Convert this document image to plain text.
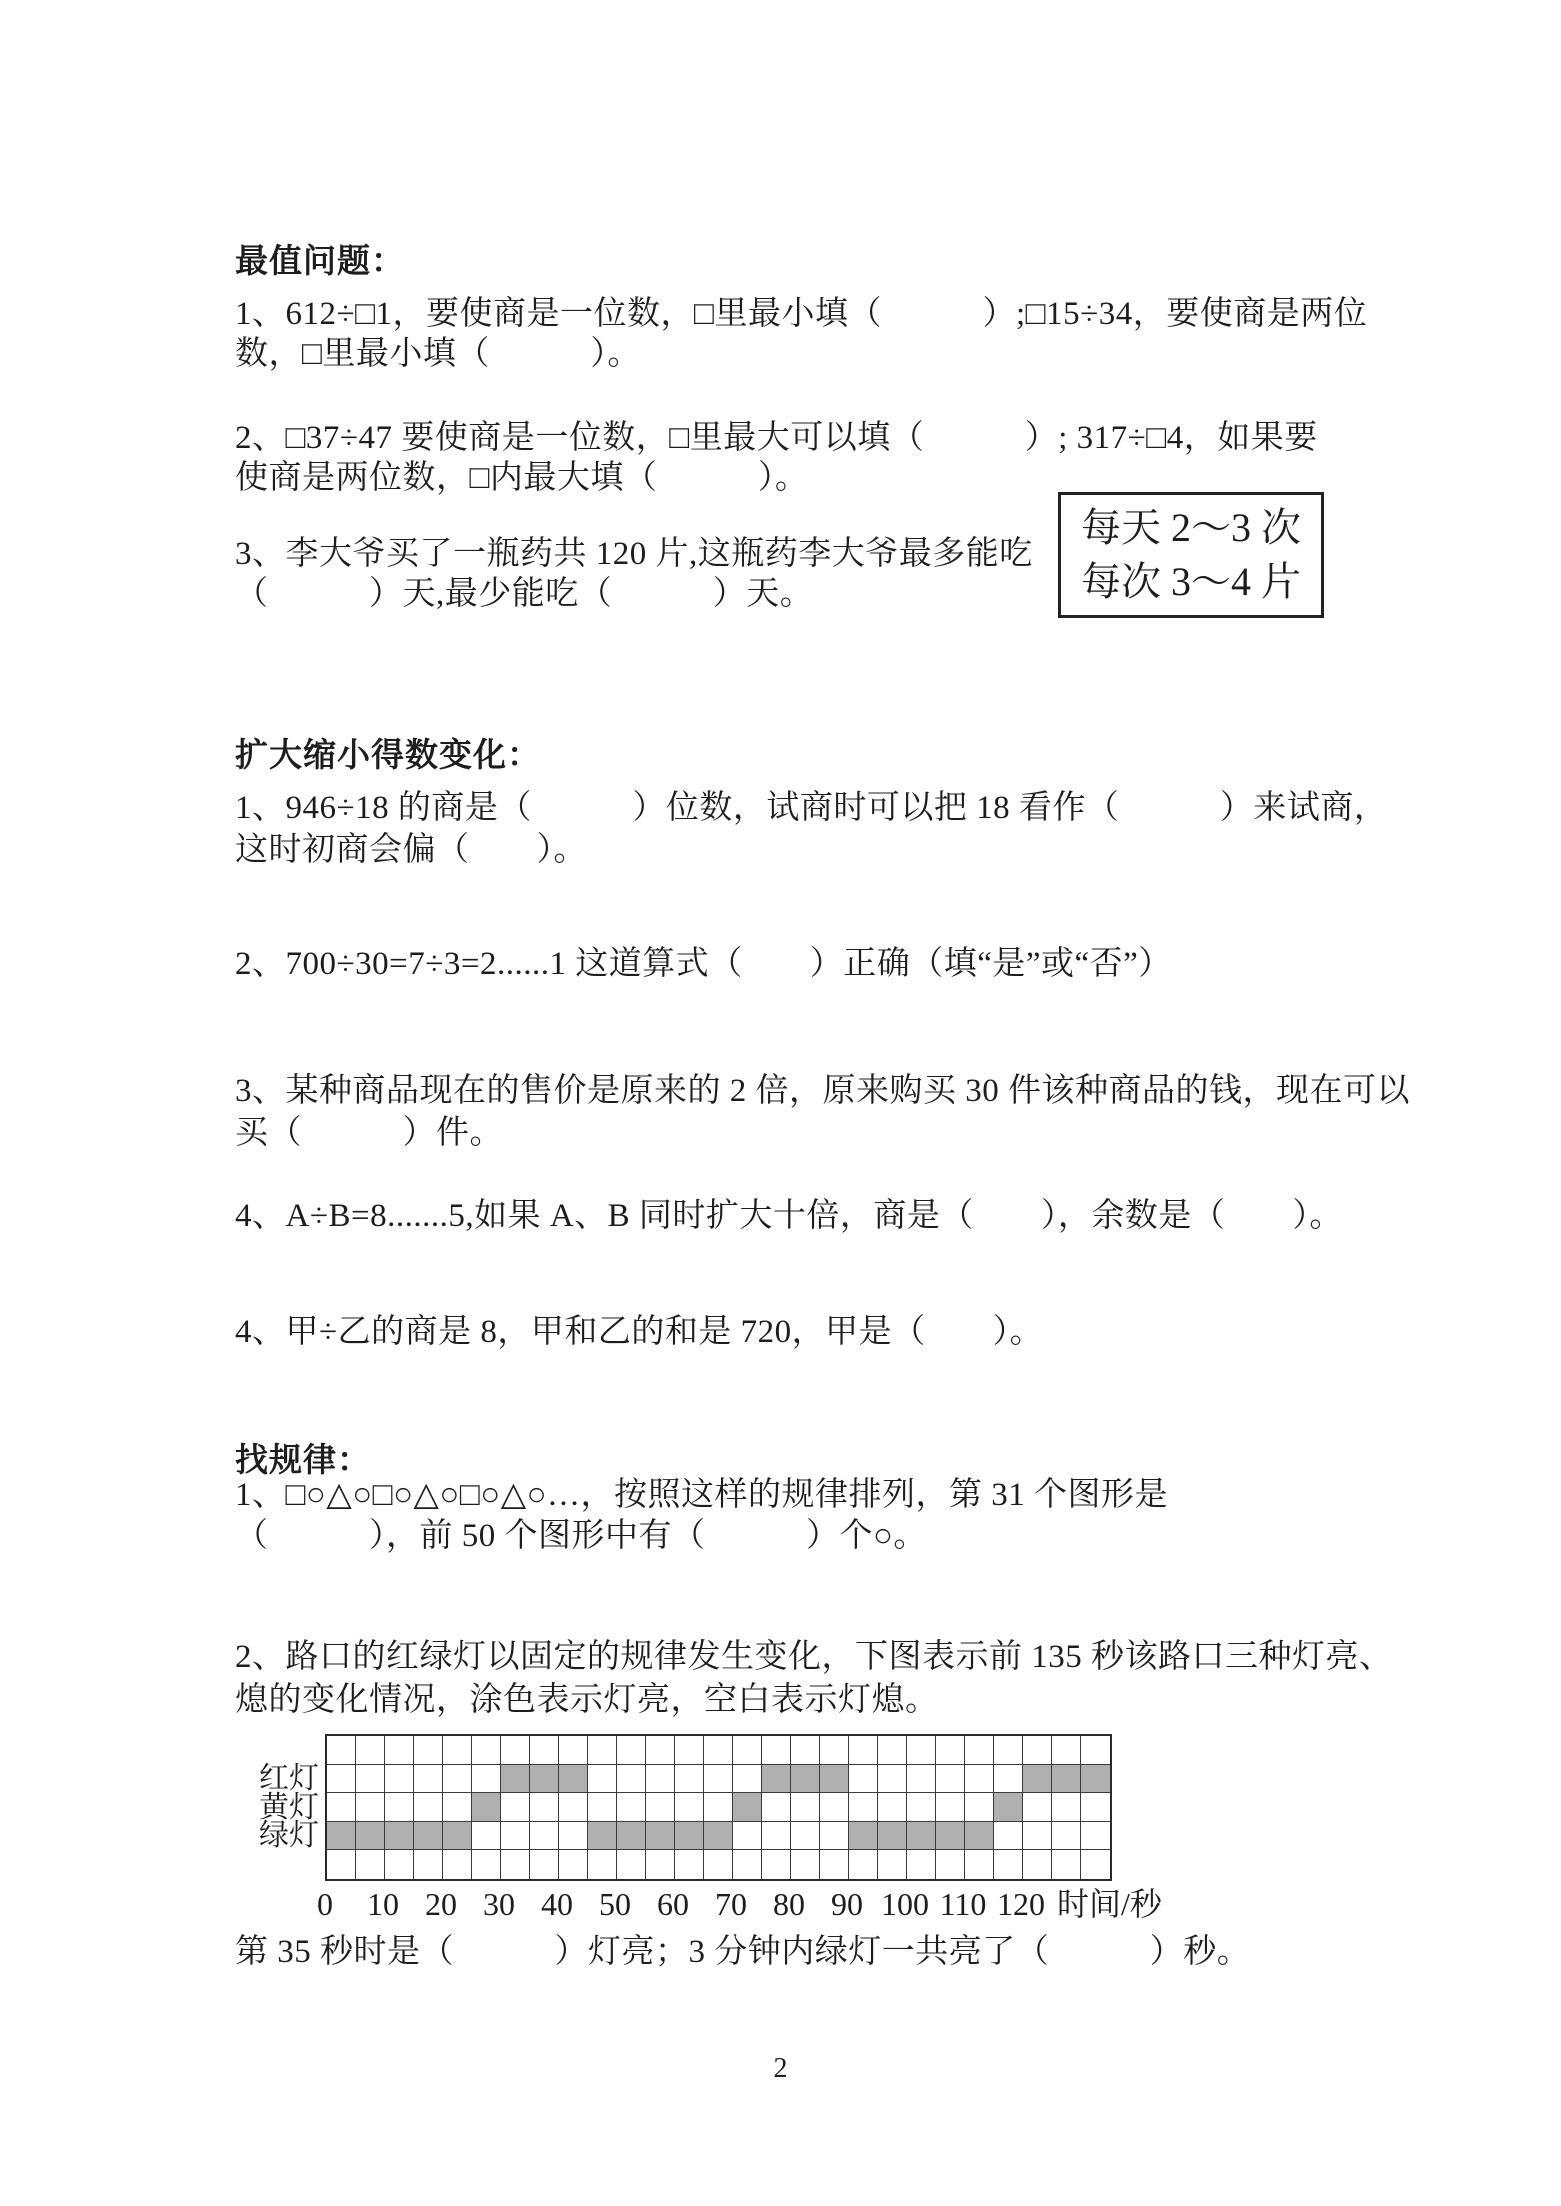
最值问题：
1、612÷□1，要使商是一位数，□里最小填（　　　）;□15÷34，要使商是两位
数，□里最小填（　　　）。
2、□37÷47 要使商是一位数，□里最大可以填（　　　）; 317÷□4，如果要
使商是两位数，□内最大填（　　　）。
3、李大爷买了一瓶药共 120 片,这瓶药李大爷最多能吃
（　　　）天,最少能吃（　　　）天。
每天 2～3 次
每次 3～4 片
扩大缩小得数变化：
1、946÷18 的商是（　　　）位数，试商时可以把 18 看作（　　　）来试商，
这时初商会偏（　　）。
2、700÷30=7÷3=2......1 这道算式（　　）正确（填“是”或“否”）
3、某种商品现在的售价是原来的 2 倍，原来购买 30 件该种商品的钱，现在可以
买（　　　）件。
4、A÷B=8.......5,如果 A、B 同时扩大十倍，商是（　　），余数是（　　）。
4、甲÷乙的商是 8，甲和乙的和是 720，甲是（　　）。
找规律：
1、□○△○□○△○□○△○…，按照这样的规律排列，第 31 个图形是
（　　　），前 50 个图形中有（　　　）个○。
2、路口的红绿灯以固定的规律发生变化，下图表示前 135 秒该路口三种灯亮、
熄的变化情况，涂色表示灯亮，空白表示灯熄。
红灯
黄灯
绿灯
0 10 20 30 40 50 60 70 80 90 100 110 120 时间/秒
第 35 秒时是（　　　）灯亮；3 分钟内绿灯一共亮了（　　　）秒。
2
